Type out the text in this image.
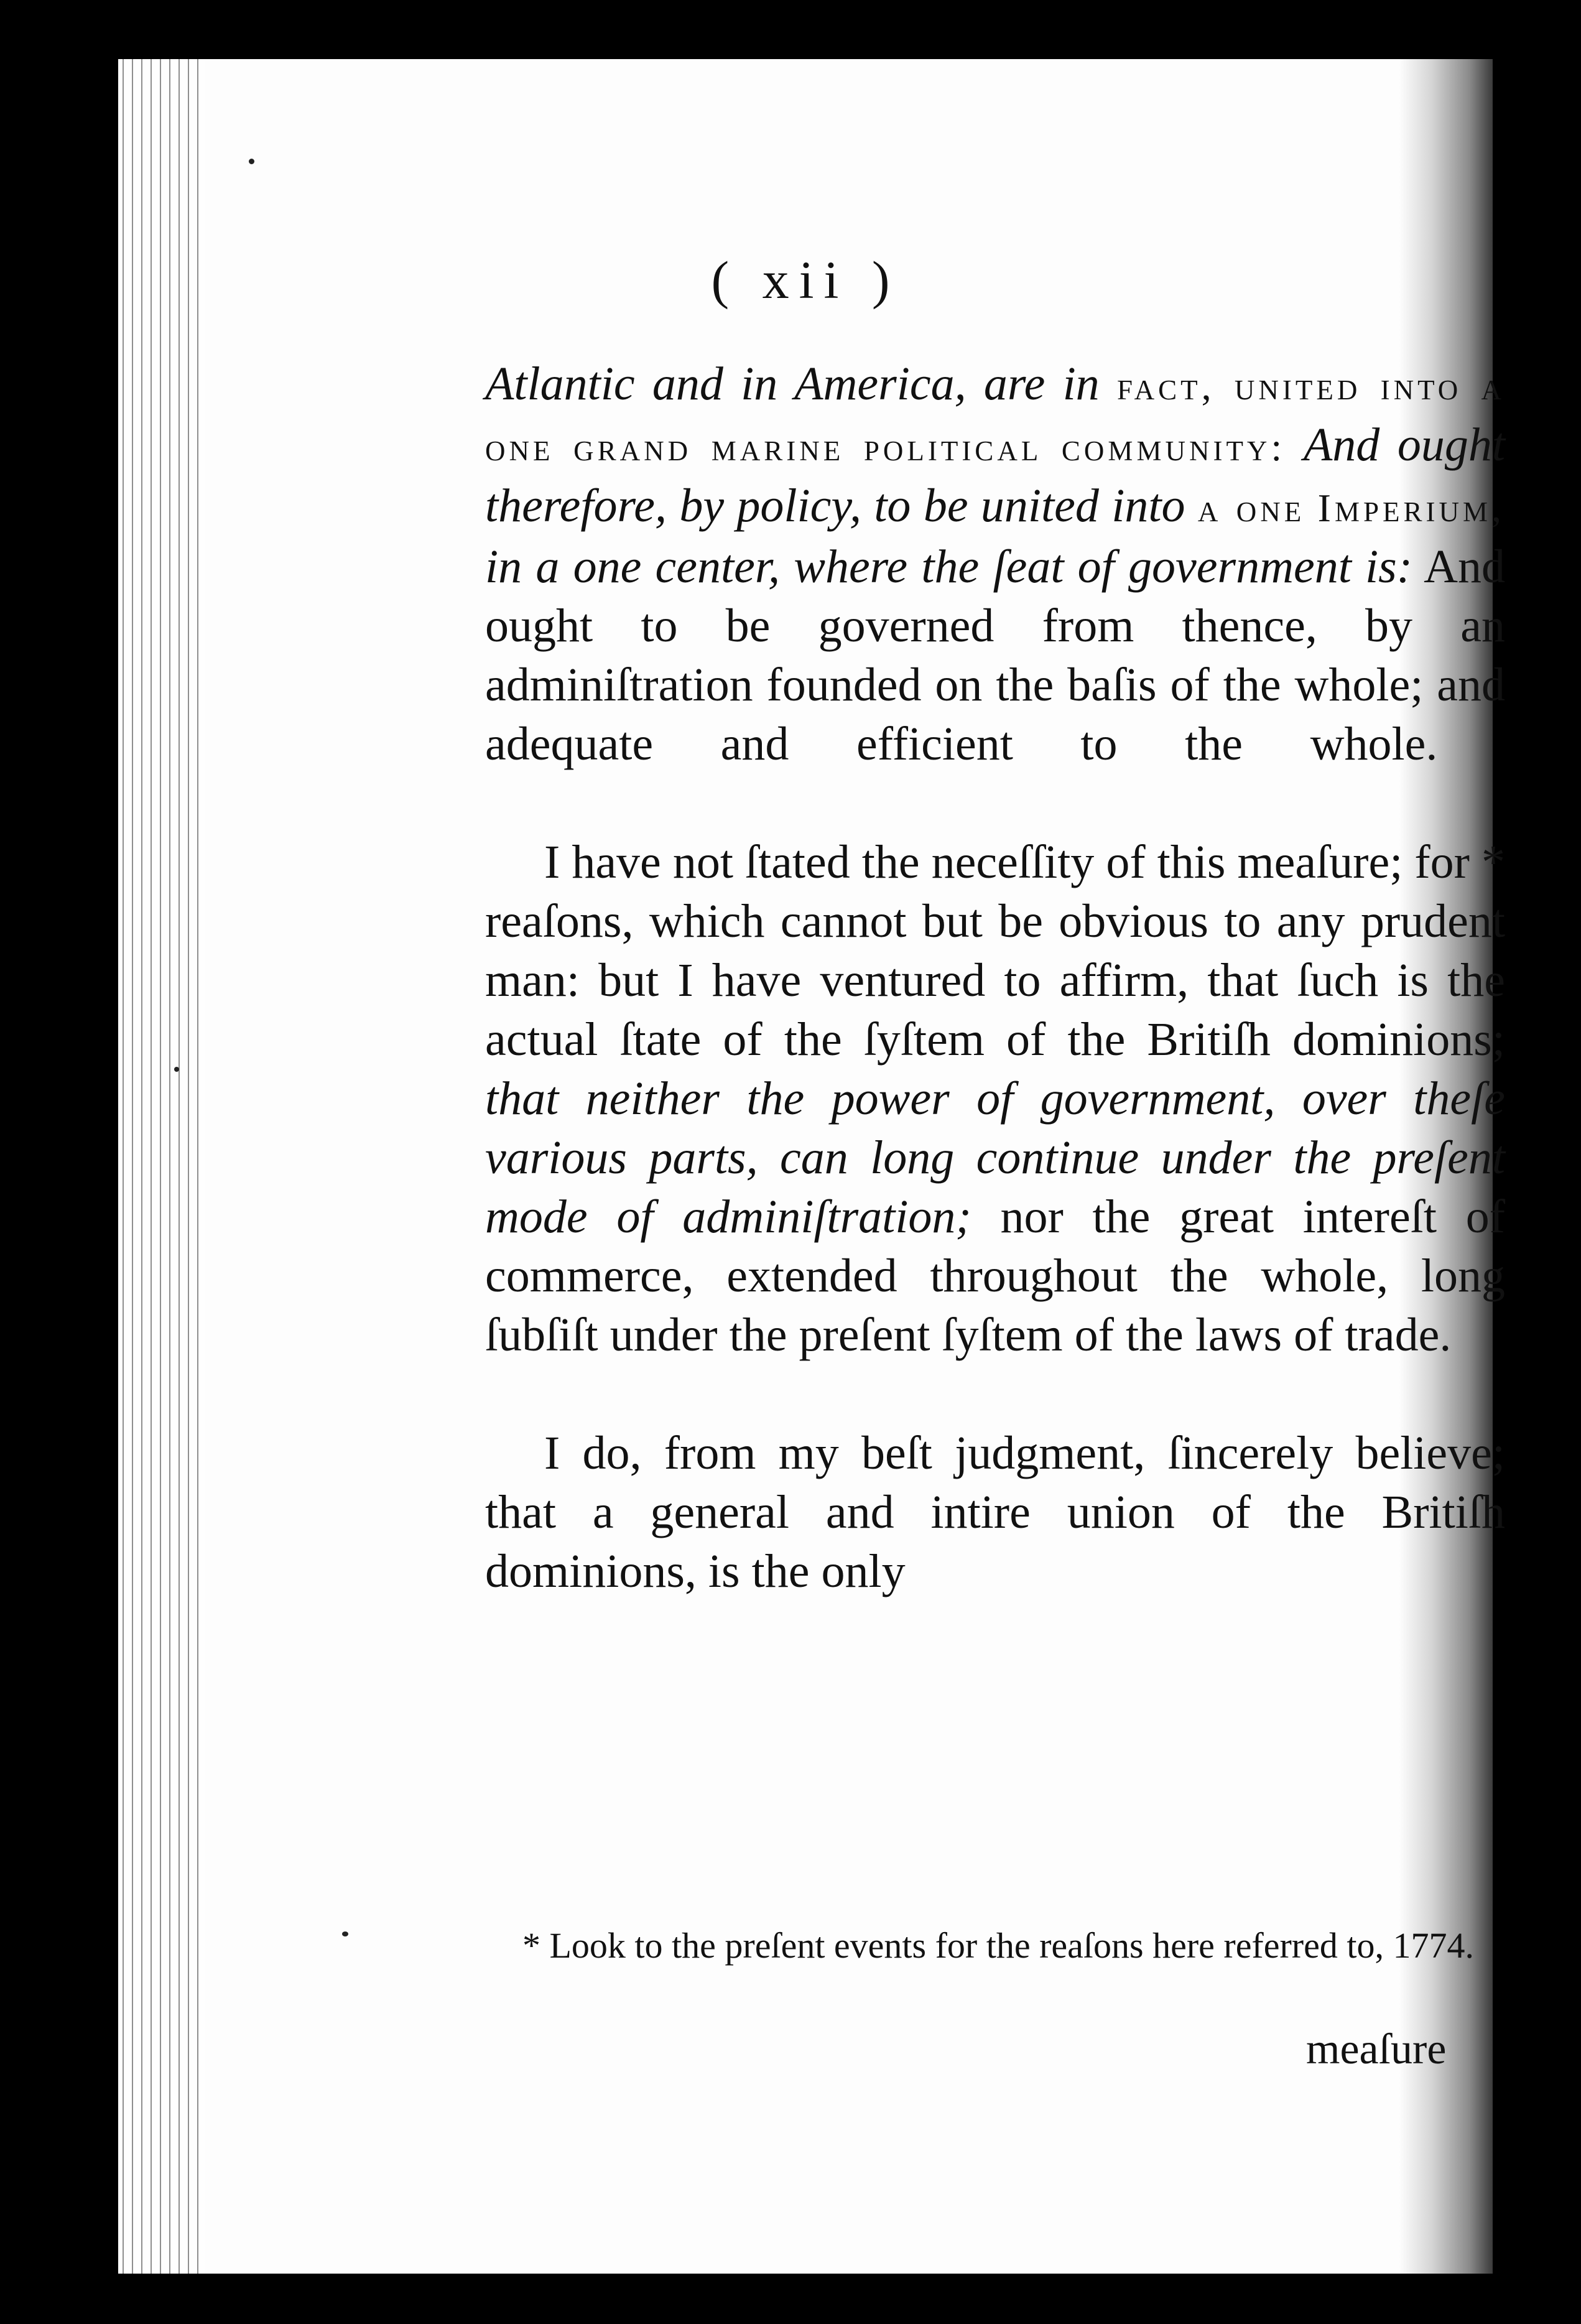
( xii )

Atlantic and in America, are in fact, united into a one grand marine political community: And ought therefore, by policy, to be united into a one Imperium, in a one center, where the ſeat of government is: And ought to be governed from thence, by an adminiſtration founded on the baſis of the whole; and adequate and efficient to the whole.

I have not ſtated the neceſſity of this meaſure; for * reaſons, which cannot but be obvious to any prudent man: but I have ventured to affirm, that ſuch is the actual ſtate of the ſyſtem of the Britiſh dominions; that neither the power of government, over theſe various parts, can long continue under the preſent mode of adminiſtration; nor the great intereſt of commerce, extended throughout the whole, long ſubſiſt under the preſent ſyſtem of the laws of trade.

I do, from my beſt judgment, ſincerely believe; that a general and intire union of the Britiſh dominions, is the only

* Look to the preſent events for the reaſons here referred to, 1774.
meaſure
